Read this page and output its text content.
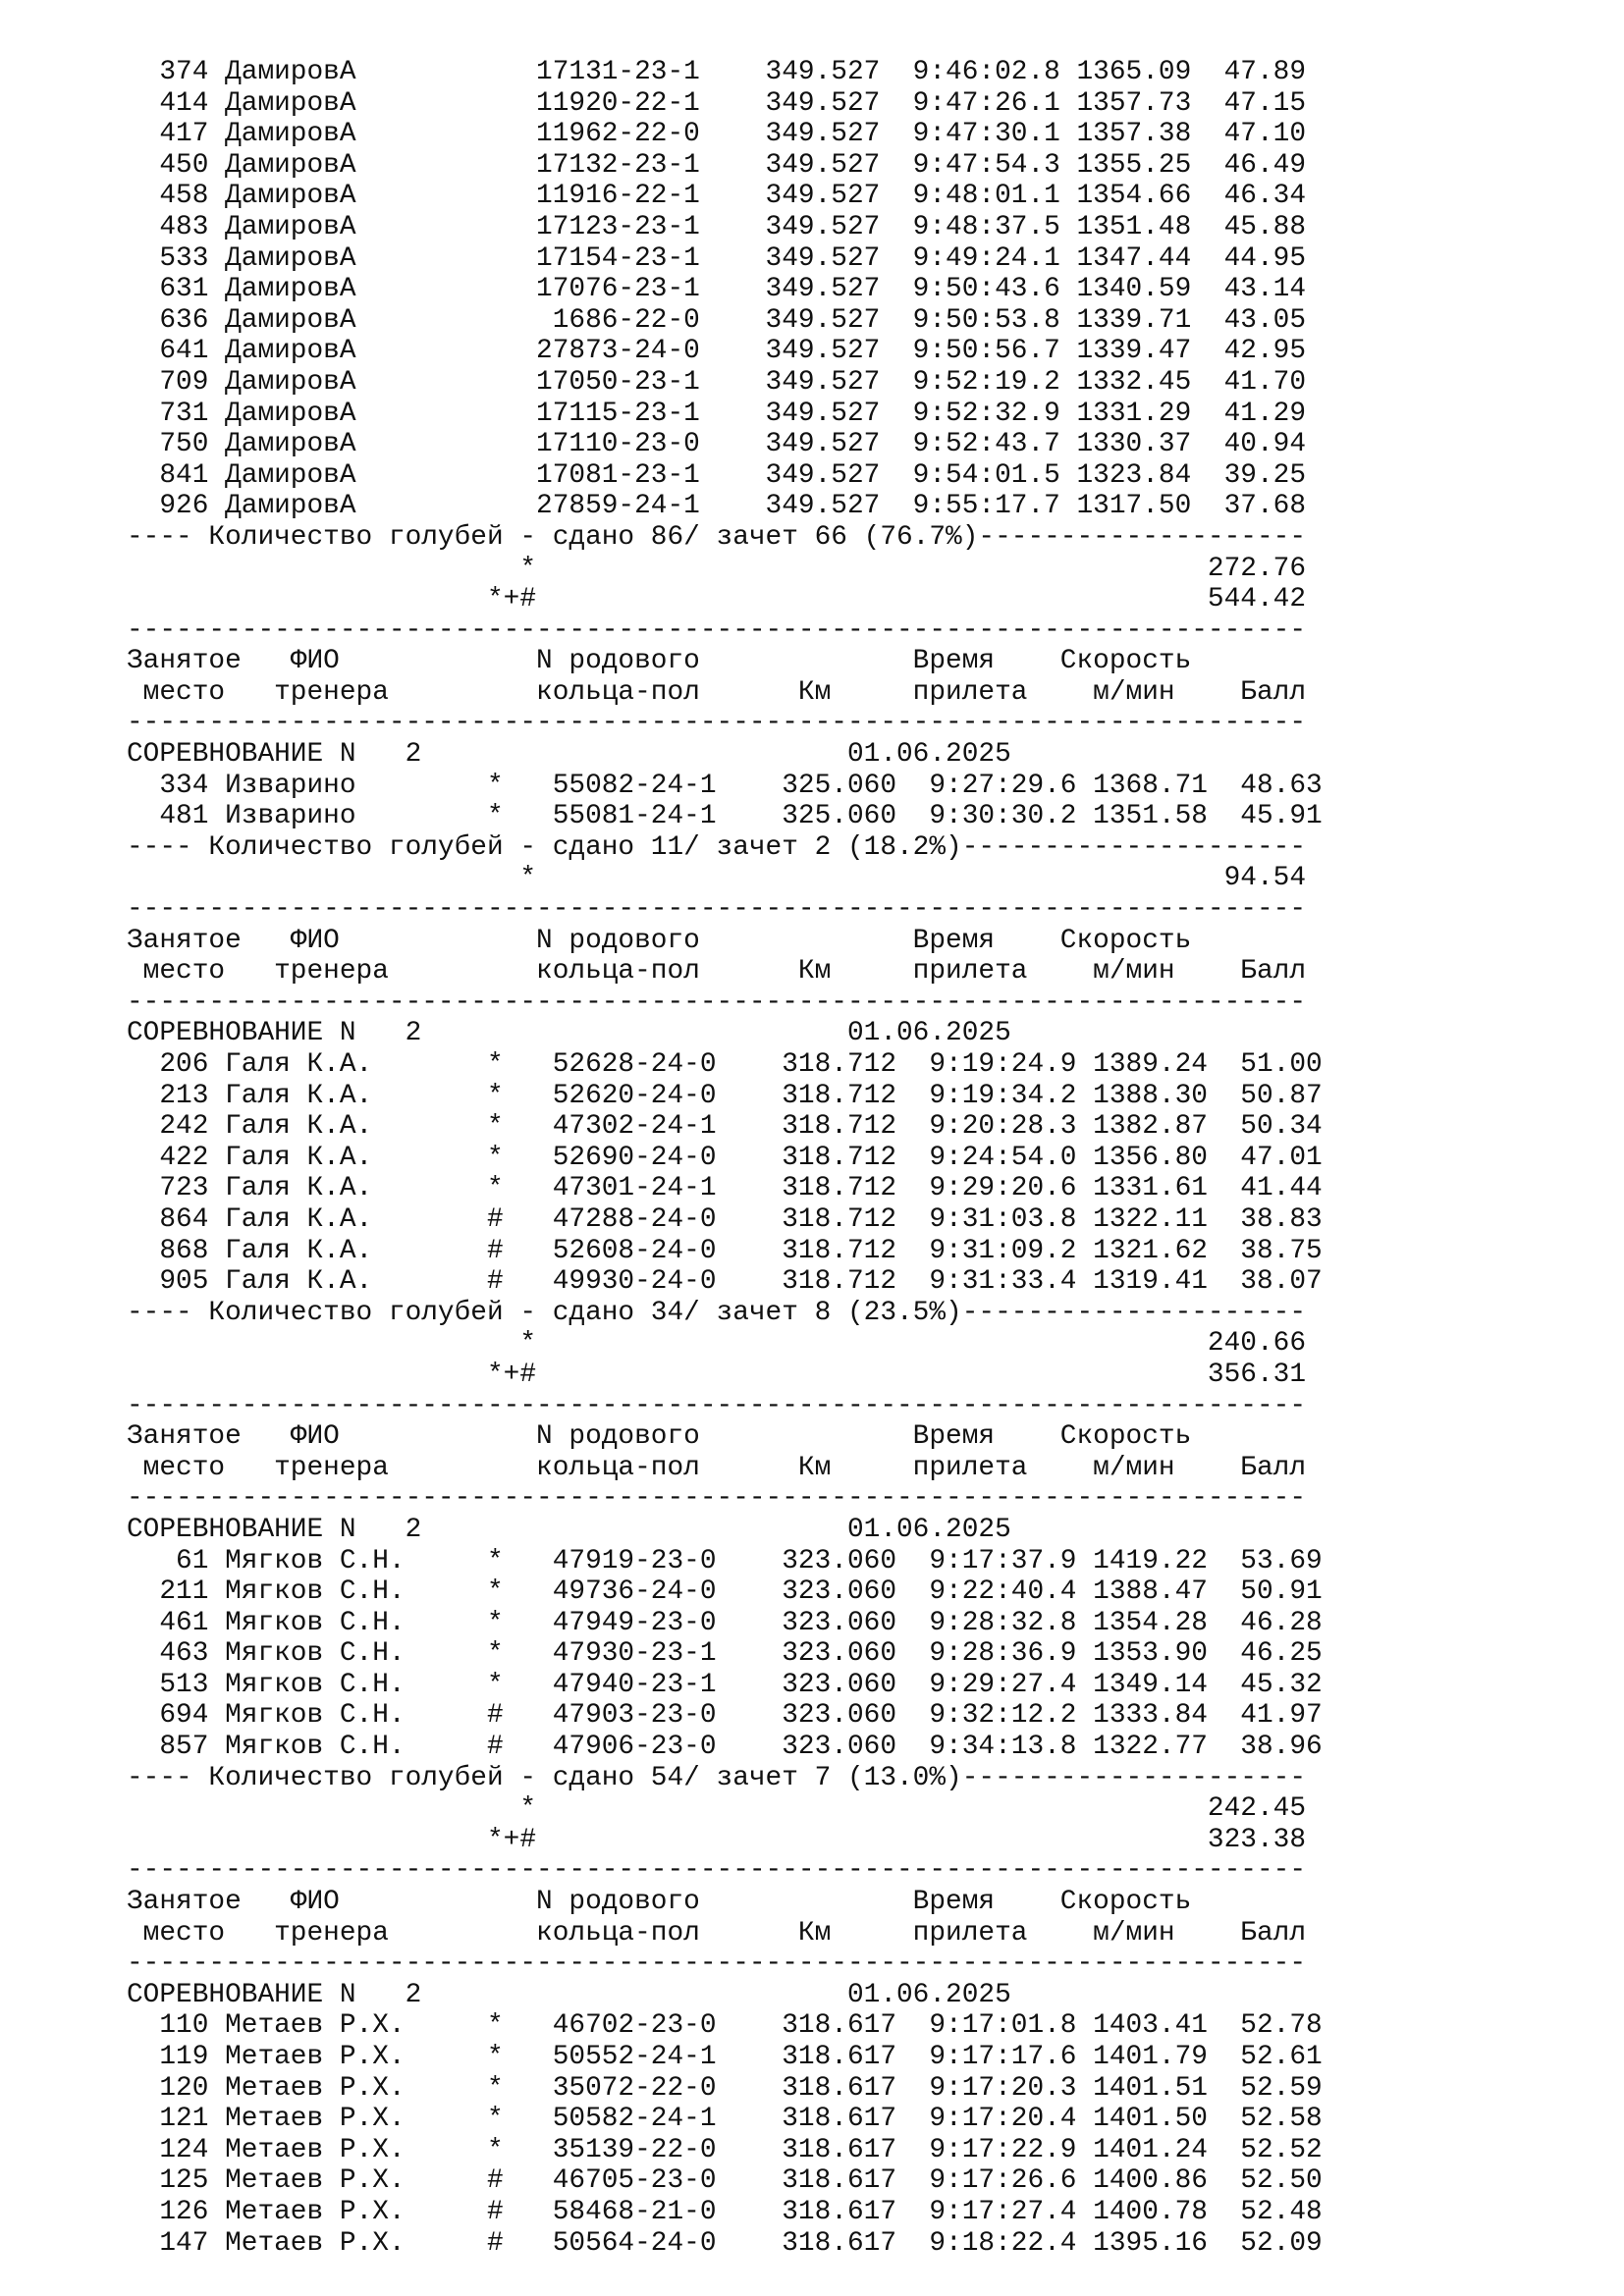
374 ДамировА           17131-23-1    349.527  9:46:02.8 1365.09  47.89
414 ДамировА           11920-22-1    349.527  9:47:26.1 1357.73  47.15
417 ДамировА           11962-22-0    349.527  9:47:30.1 1357.38  47.10
450 ДамировА           17132-23-1    349.527  9:47:54.3 1355.25  46.49
458 ДамировА           11916-22-1    349.527  9:48:01.1 1354.66  46.34
483 ДамировА           17123-23-1    349.527  9:48:37.5 1351.48  45.88
533 ДамировА           17154-23-1    349.527  9:49:24.1 1347.44  44.95
631 ДамировА           17076-23-1    349.527  9:50:43.6 1340.59  43.14
636 ДамировА            1686-22-0    349.527  9:50:53.8 1339.71  43.05
641 ДамировА           27873-24-0    349.527  9:50:56.7 1339.47  42.95
709 ДамировА           17050-23-1    349.527  9:52:19.2 1332.45  41.70
731 ДамировА           17115-23-1    349.527  9:52:32.9 1331.29  41.29
750 ДамировА           17110-23-0    349.527  9:52:43.7 1330.37  40.94
841 ДамировА           17081-23-1    349.527  9:54:01.5 1323.84  39.25
926 ДамировА           27859-24-1    349.527  9:55:17.7 1317.50  37.68
---- Количество голубей - сдано 86/ зачет 66 (76.7%)--------------------
*                                         272.76
*+#                                         544.42
------------------------------------------------------------------------
Занятое   ФИО            N родового             Время    Скорость
место   тренера         кольца-пол      Км     прилета    м/мин    Балл
------------------------------------------------------------------------
СОРЕВНОВАНИЕ N   2                          01.06.2025
334 Изварино        *   55082-24-1    325.060  9:27:29.6 1368.71  48.63
481 Изварино        *   55081-24-1    325.060  9:30:30.2 1351.58  45.91
---- Количество голубей - сдано 11/ зачет 2 (18.2%)---------------------
*                                          94.54
------------------------------------------------------------------------
Занятое   ФИО            N родового             Время    Скорость
место   тренера         кольца-пол      Км     прилета    м/мин    Балл
------------------------------------------------------------------------
СОРЕВНОВАНИЕ N   2                          01.06.2025
206 Галя К.А.       *   52628-24-0    318.712  9:19:24.9 1389.24  51.00
213 Галя К.А.       *   52620-24-0    318.712  9:19:34.2 1388.30  50.87
242 Галя К.А.       *   47302-24-1    318.712  9:20:28.3 1382.87  50.34
422 Галя К.А.       *   52690-24-0    318.712  9:24:54.0 1356.80  47.01
723 Галя К.А.       *   47301-24-1    318.712  9:29:20.6 1331.61  41.44
864 Галя К.А.       #   47288-24-0    318.712  9:31:03.8 1322.11  38.83
868 Галя К.А.       #   52608-24-0    318.712  9:31:09.2 1321.62  38.75
905 Галя К.А.       #   49930-24-0    318.712  9:31:33.4 1319.41  38.07
---- Количество голубей - сдано 34/ зачет 8 (23.5%)---------------------
*                                         240.66
*+#                                         356.31
------------------------------------------------------------------------
Занятое   ФИО            N родового             Время    Скорость
место   тренера         кольца-пол      Км     прилета    м/мин    Балл
------------------------------------------------------------------------
СОРЕВНОВАНИЕ N   2                          01.06.2025
61 Мягков С.Н.     *   47919-23-0    323.060  9:17:37.9 1419.22  53.69
211 Мягков С.Н.     *   49736-24-0    323.060  9:22:40.4 1388.47  50.91
461 Мягков С.Н.     *   47949-23-0    323.060  9:28:32.8 1354.28  46.28
463 Мягков С.Н.     *   47930-23-1    323.060  9:28:36.9 1353.90  46.25
513 Мягков С.Н.     *   47940-23-1    323.060  9:29:27.4 1349.14  45.32
694 Мягков С.Н.     #   47903-23-0    323.060  9:32:12.2 1333.84  41.97
857 Мягков С.Н.     #   47906-23-0    323.060  9:34:13.8 1322.77  38.96
---- Количество голубей - сдано 54/ зачет 7 (13.0%)---------------------
*                                         242.45
*+#                                         323.38
------------------------------------------------------------------------
Занятое   ФИО            N родового             Время    Скорость
место   тренера         кольца-пол      Км     прилета    м/мин    Балл
------------------------------------------------------------------------
СОРЕВНОВАНИЕ N   2                          01.06.2025
110 Метаев Р.Х.     *   46702-23-0    318.617  9:17:01.8 1403.41  52.78
119 Метаев Р.Х.     *   50552-24-1    318.617  9:17:17.6 1401.79  52.61
120 Метаев Р.Х.     *   35072-22-0    318.617  9:17:20.3 1401.51  52.59
121 Метаев Р.Х.     *   50582-24-1    318.617  9:17:20.4 1401.50  52.58
124 Метаев Р.Х.     *   35139-22-0    318.617  9:17:22.9 1401.24  52.52
125 Метаев Р.Х.     #   46705-23-0    318.617  9:17:26.6 1400.86  52.50
126 Метаев Р.Х.     #   58468-21-0    318.617  9:17:27.4 1400.78  52.48
147 Метаев Р.Х.     #   50564-24-0    318.617  9:18:22.4 1395.16  52.09
